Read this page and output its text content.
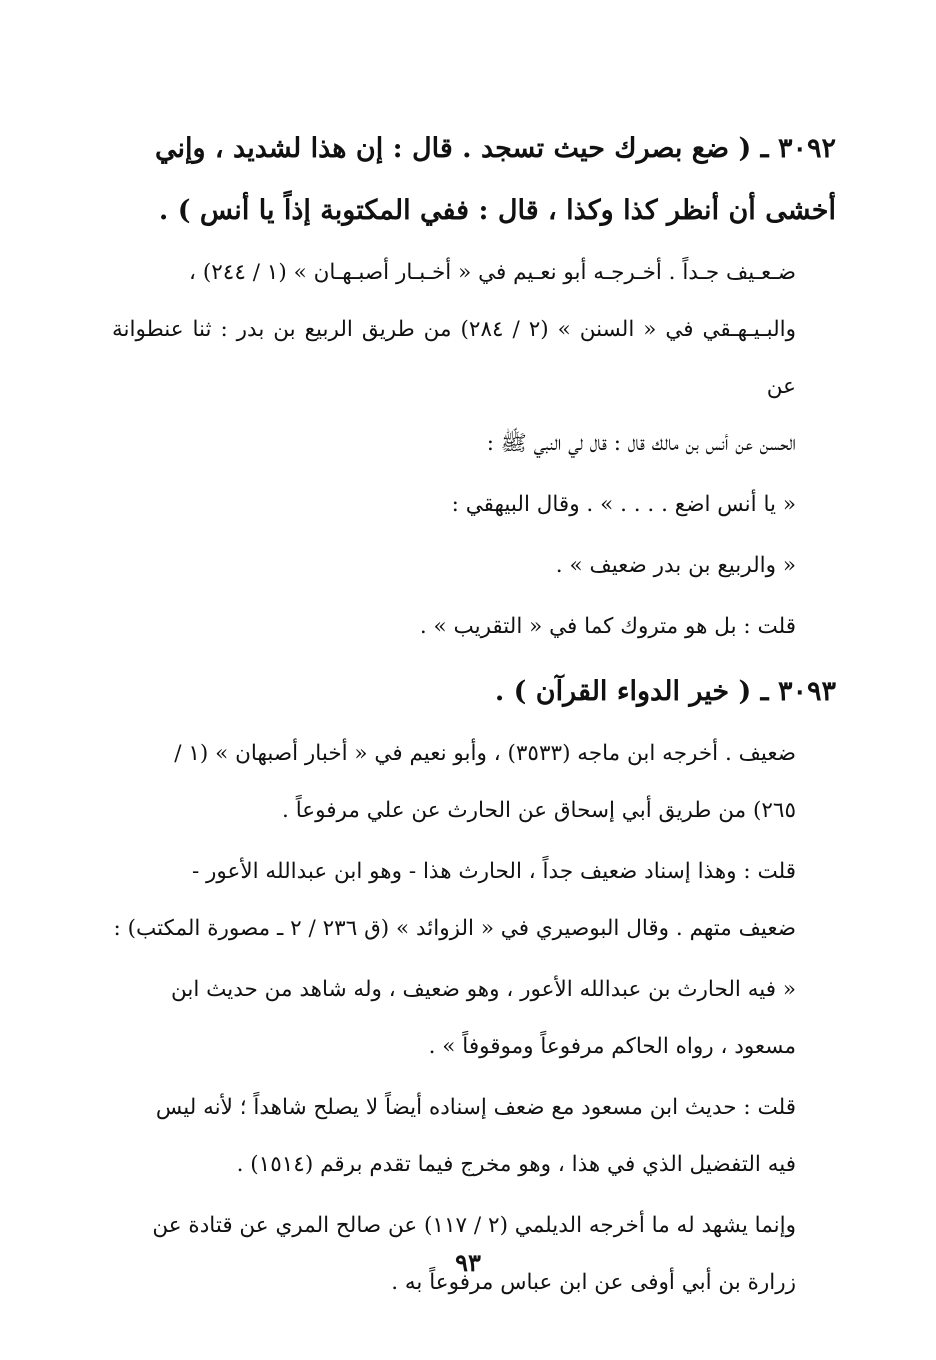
٣٠٩٢ ـ ( ضع بصرك حيث تسجد . قال : إن هذا لشديد ، وإني
أخشى أن أنظر كذا وكذا ، قال : ففي المكتوبة إذاً يا أنس ) .
ضـعـيف جـداً . أخـرجـه أبو نعـيم في « أخـبـار أصبـهـان » (١ / ٢٤٤) ،
والبـيـهـقي في « السنن » (٢ / ٢٨٤) من طريق الربيع بن بدر : ثنا عنطوانة عن
الحسن عن أنس بن مالك قال : قال لي النبي ﷺ :
« يا أنس اضع . . . . » . وقال البيهقي :
« والربيع بن بدر ضعيف » .
قلت : بل هو متروك كما في « التقريب » .
٣٠٩٣ ـ ( خير الدواء القرآن ) .
ضعيف . أخرجه ابن ماجه (٣٥٣٣) ، وأبو نعيم في « أخبار أصبهان » (١ /
٢٦٥) من طريق أبي إسحاق عن الحارث عن علي مرفوعاً .
قلت : وهذا إسناد ضعيف جداً ، الحارث هذا - وهو ابن عبدالله الأعور -
ضعيف متهم . وقال البوصيري في « الزوائد » (ق ٢٣٦ / ٢ ـ مصورة المكتب) :
« فيه الحارث بن عبدالله الأعور ، وهو ضعيف ، وله شاهد من حديث ابن
مسعود ، رواه الحاكم مرفوعاً وموقوفاً » .
قلت : حديث ابن مسعود مع ضعف إسناده أيضاً لا يصلح شاهداً ؛ لأنه ليس
فيه التفضيل الذي في هذا ، وهو مخرج فيما تقدم برقم (١٥١٤) .
وإنما يشهد له ما أخرجه الديلمي (٢ / ١١٧) عن صالح المري عن قتادة عن
زرارة بن أبي أوفى عن ابن عباس مرفوعاً به .
٩٣
